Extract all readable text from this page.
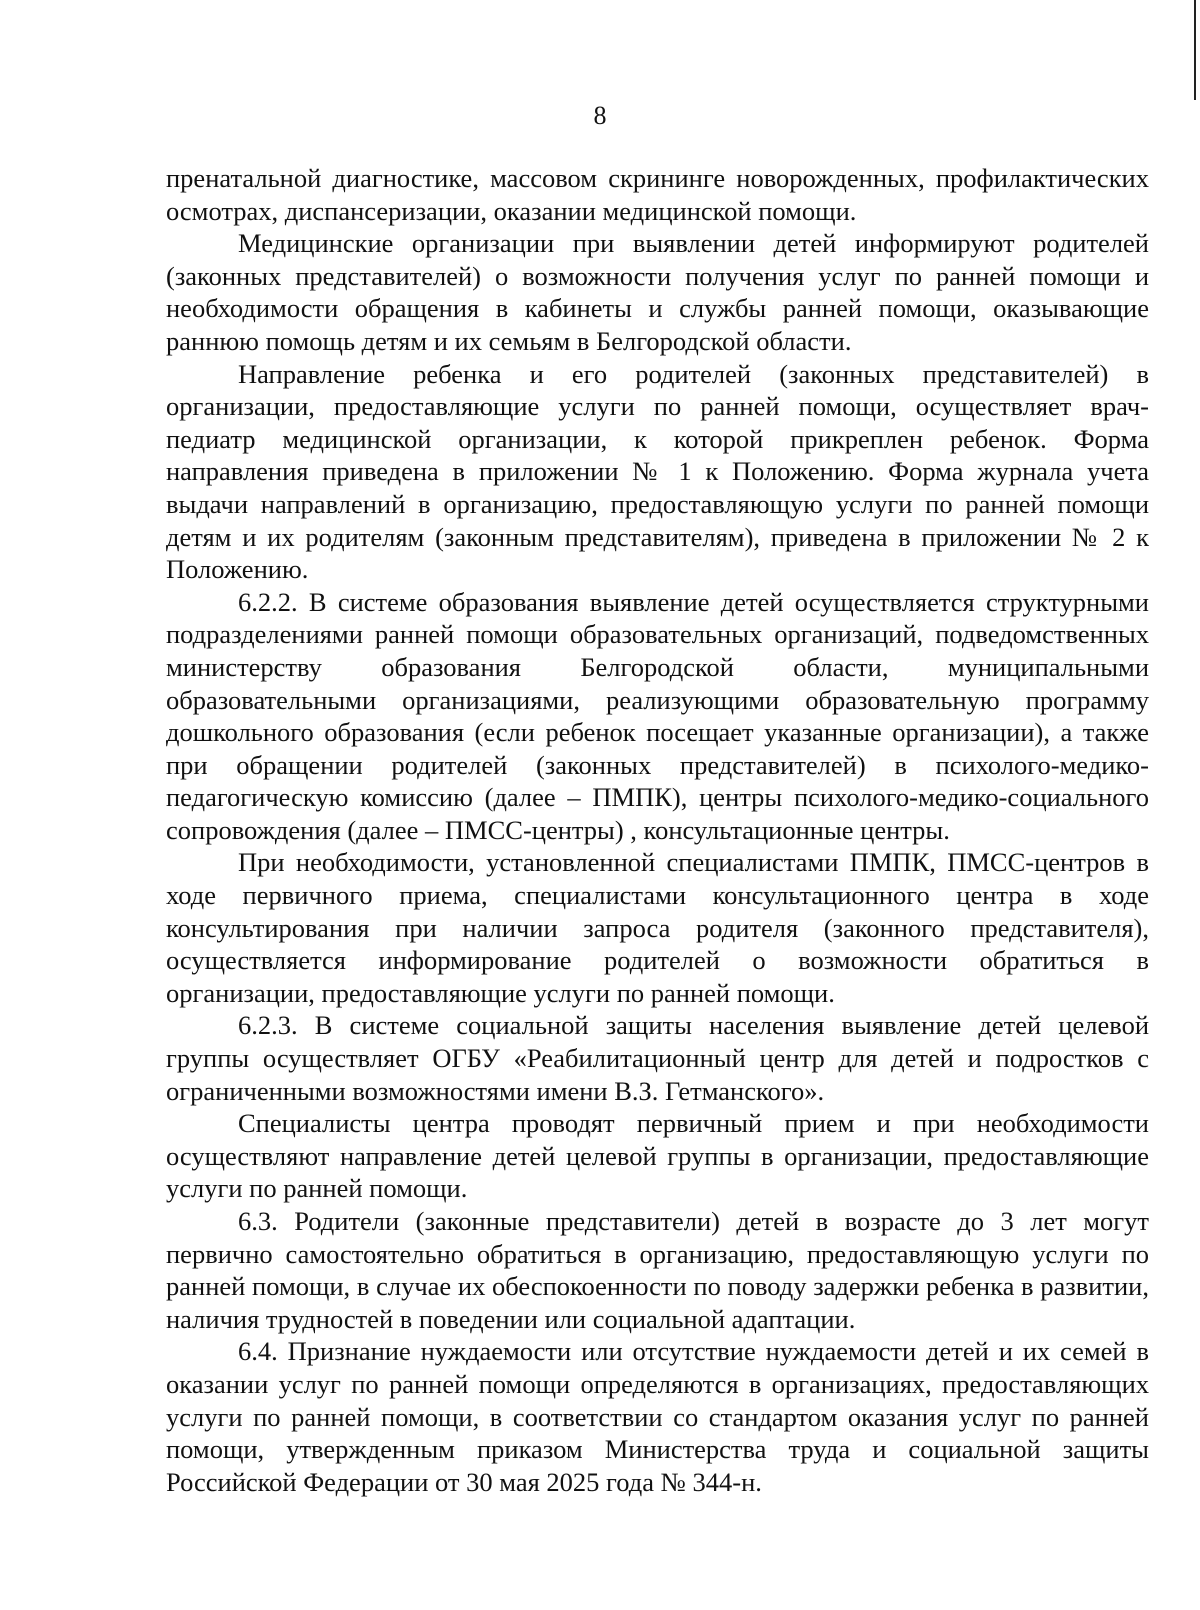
8

пренатальной диагностике, массовом скрининге новорожденных, профилактических осмотрах, диспансеризации, оказании медицинской помощи.

Медицинские организации при выявлении детей информируют родителей (законных представителей) о возможности получения услуг по ранней помощи и необходимости обращения в кабинеты и службы ранней помощи, оказывающие раннюю помощь детям и их семьям в Белгородской области.

Направление ребенка и его родителей (законных представителей) в организации, предоставляющие услуги по ранней помощи, осуществляет врач-педиатр медицинской организации, к которой прикреплен ребенок. Форма направления приведена в приложении № 1 к Положению. Форма журнала учета выдачи направлений в организацию, предоставляющую услуги по ранней помощи детям и их родителям (законным представителям), приведена в приложении № 2 к Положению.

6.2.2. В системе образования выявление детей осуществляется структурными подразделениями ранней помощи образовательных организаций, подведомственных министерству образования Белгородской области, муниципальными образовательными организациями, реализующими образовательную программу дошкольного образования (если ребенок посещает указанные организации), а также при обращении родителей (законных представителей) в психолого-медико-педагогическую комиссию (далее – ПМПК), центры психолого-медико-социального сопровождения (далее – ПМСС-центры) , консультационные центры.

При необходимости, установленной специалистами ПМПК, ПМСС-центров в ходе первичного приема, специалистами консультационного центра в ходе консультирования при наличии запроса родителя (законного представителя), осуществляется информирование родителей о возможности обратиться в организации, предоставляющие услуги по ранней помощи.

6.2.3. В системе социальной защиты населения выявление детей целевой группы осуществляет ОГБУ «Реабилитационный центр для детей и подростков с ограниченными возможностями имени В.З. Гетманского».

Специалисты центра проводят первичный прием и при необходимости осуществляют направление детей целевой группы в организации, предоставляющие услуги по ранней помощи.

6.3. Родители (законные представители) детей в возрасте до 3 лет могут первично самостоятельно обратиться в организацию, предоставляющую услуги по ранней помощи, в случае их обеспокоенности по поводу задержки ребенка в развитии, наличия трудностей в поведении или социальной адаптации.

6.4. Признание нуждаемости или отсутствие нуждаемости детей и их семей в оказании услуг по ранней помощи определяются в организациях, предоставляющих услуги по ранней помощи, в соответствии со стандартом оказания услуг по ранней помощи, утвержденным приказом Министерства труда и социальной защиты Российской Федерации от 30 мая 2025 года № 344-н.
